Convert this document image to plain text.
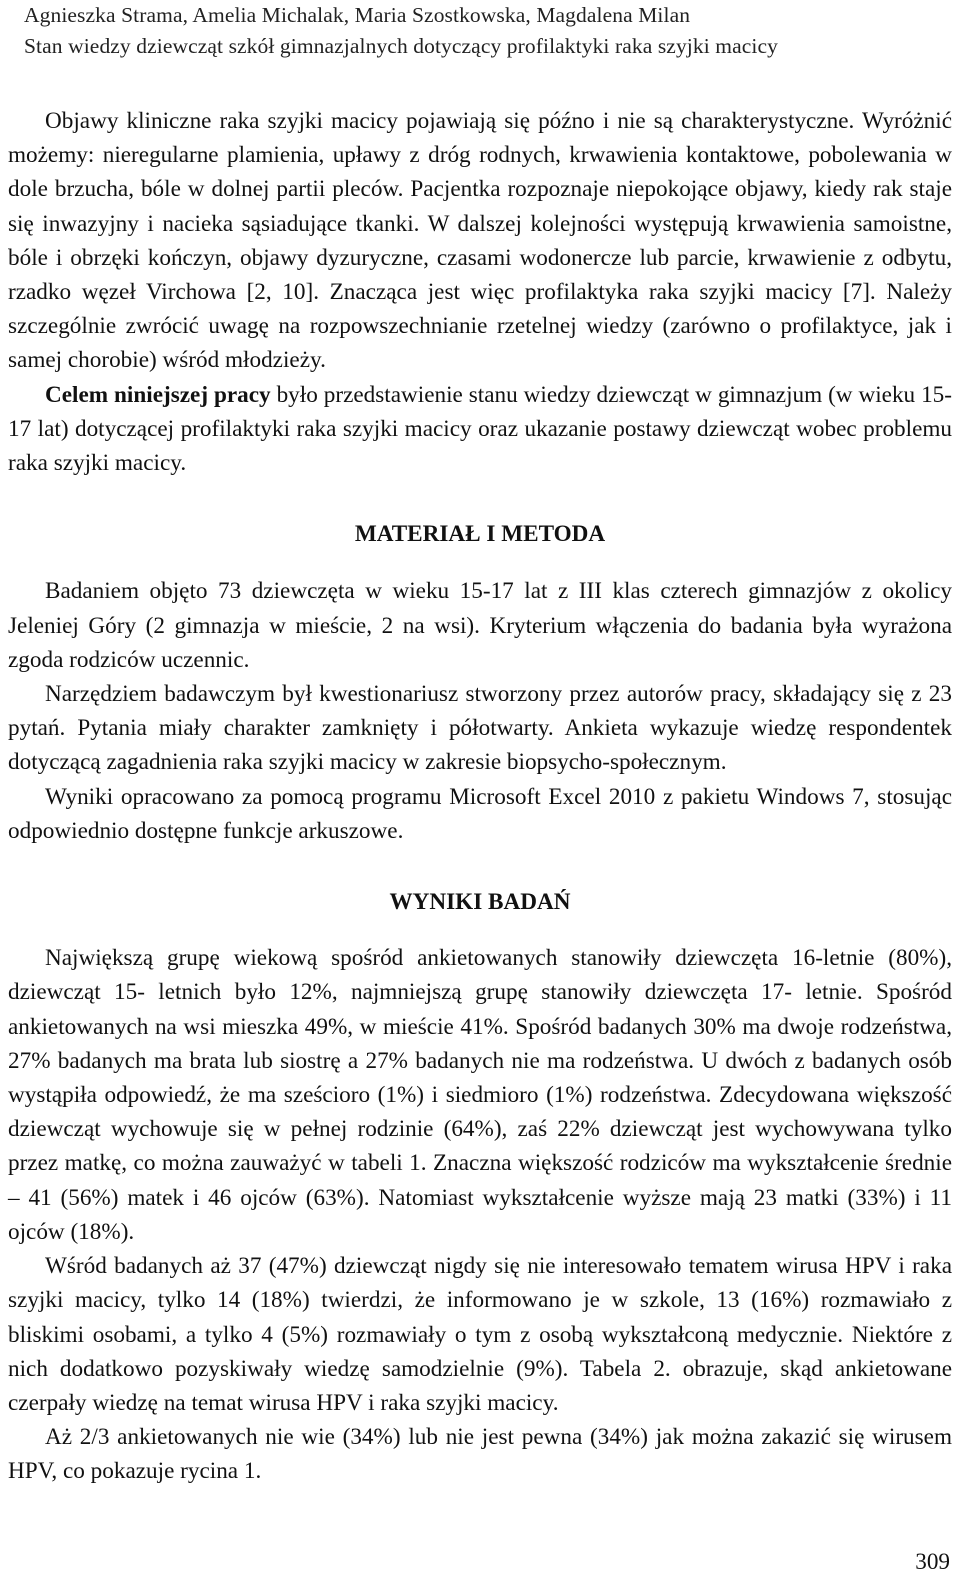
Agnieszka Strama, Amelia Michalak, Maria Szostkowska, Magdalena Milan
Stan wiedzy dziewcząt szkół gimnazjalnych dotyczący profilaktyki raka szyjki macicy

Objawy kliniczne raka szyjki macicy pojawiają się późno i nie są charakterystyczne. Wyróżnić możemy: nieregularne plamienia, upławy z dróg rodnych, krwawienia kontaktowe, pobolewania w dole brzucha, bóle w dolnej partii pleców. Pacjentka rozpoznaje niepokojące objawy, kiedy rak staje się inwazyjny i nacieka sąsiadujące tkanki. W dalszej kolejności występują krwawienia samoistne, bóle i obrzęki kończyn, objawy dyzuryczne, czasami wodonercze lub parcie, krwawienie z odbytu, rzadko węzeł Virchowa [2, 10]. Znacząca jest więc profilaktyka raka szyjki macicy [7]. Należy szczególnie zwrócić uwagę na rozpowszechnianie rzetelnej wiedzy (zarówno o profilaktyce, jak i samej chorobie) wśród młodzieży.

Celem niniejszej pracy było przedstawienie stanu wiedzy dziewcząt w gimnazjum (w wieku 15-17 lat) dotyczącej profilaktyki raka szyjki macicy oraz ukazanie postawy dziewcząt wobec problemu raka szyjki macicy.

MATERIAŁ I METODA

Badaniem objęto 73 dziewczęta w wieku 15-17 lat z III klas czterech gimnazjów z okolicy Jeleniej Góry (2 gimnazja w mieście, 2 na wsi). Kryterium włączenia do badania była wyrażona zgoda rodziców uczennic.

Narzędziem badawczym był kwestionariusz stworzony przez autorów pracy, składający się z 23 pytań. Pytania miały charakter zamknięty i półotwarty. Ankieta wykazuje wiedzę respondentek dotyczącą zagadnienia raka szyjki macicy w zakresie biopsycho-społecznym.

Wyniki opracowano za pomocą programu Microsoft Excel 2010 z pakietu Windows 7, stosując odpowiednio dostępne funkcje arkuszowe.

WYNIKI BADAŃ

Największą grupę wiekową spośród ankietowanych stanowiły dziewczęta 16-letnie (80%), dziewcząt 15- letnich było 12%, najmniejszą grupę stanowiły dziewczęta 17- letnie. Spośród ankietowanych na wsi mieszka 49%, w mieście 41%. Spośród badanych 30% ma dwoje rodzeństwa, 27% badanych ma brata lub siostrę a 27% badanych nie ma rodzeństwa. U dwóch z badanych osób wystąpiła odpowiedź, że ma sześcioro (1%) i siedmioro (1%) rodzeństwa. Zdecydowana większość dziewcząt wychowuje się w pełnej rodzinie (64%), zaś 22% dziewcząt jest wychowywana tylko przez matkę, co można zauważyć w tabeli 1. Znaczna większość rodziców ma wykształcenie średnie – 41 (56%) matek i 46 ojców (63%). Natomiast wykształcenie wyższe mają 23 matki (33%) i 11 ojców (18%).

Wśród badanych aż 37 (47%) dziewcząt nigdy się nie interesowało tematem wirusa HPV i raka szyjki macicy, tylko 14 (18%) twierdzi, że informowano je w szkole, 13 (16%) rozmawiało z bliskimi osobami, a tylko 4 (5%) rozmawiały o tym z osobą wykształconą medycznie. Niektóre z nich dodatkowo pozyskiwały wiedzę samodzielnie (9%). Tabela 2. obrazuje, skąd ankietowane czerpały wiedzę na temat wirusa HPV i raka szyjki macicy.

Aż 2/3 ankietowanych nie wie (34%) lub nie jest pewna (34%) jak można zakazić się wirusem HPV, co pokazuje rycina 1.

309
